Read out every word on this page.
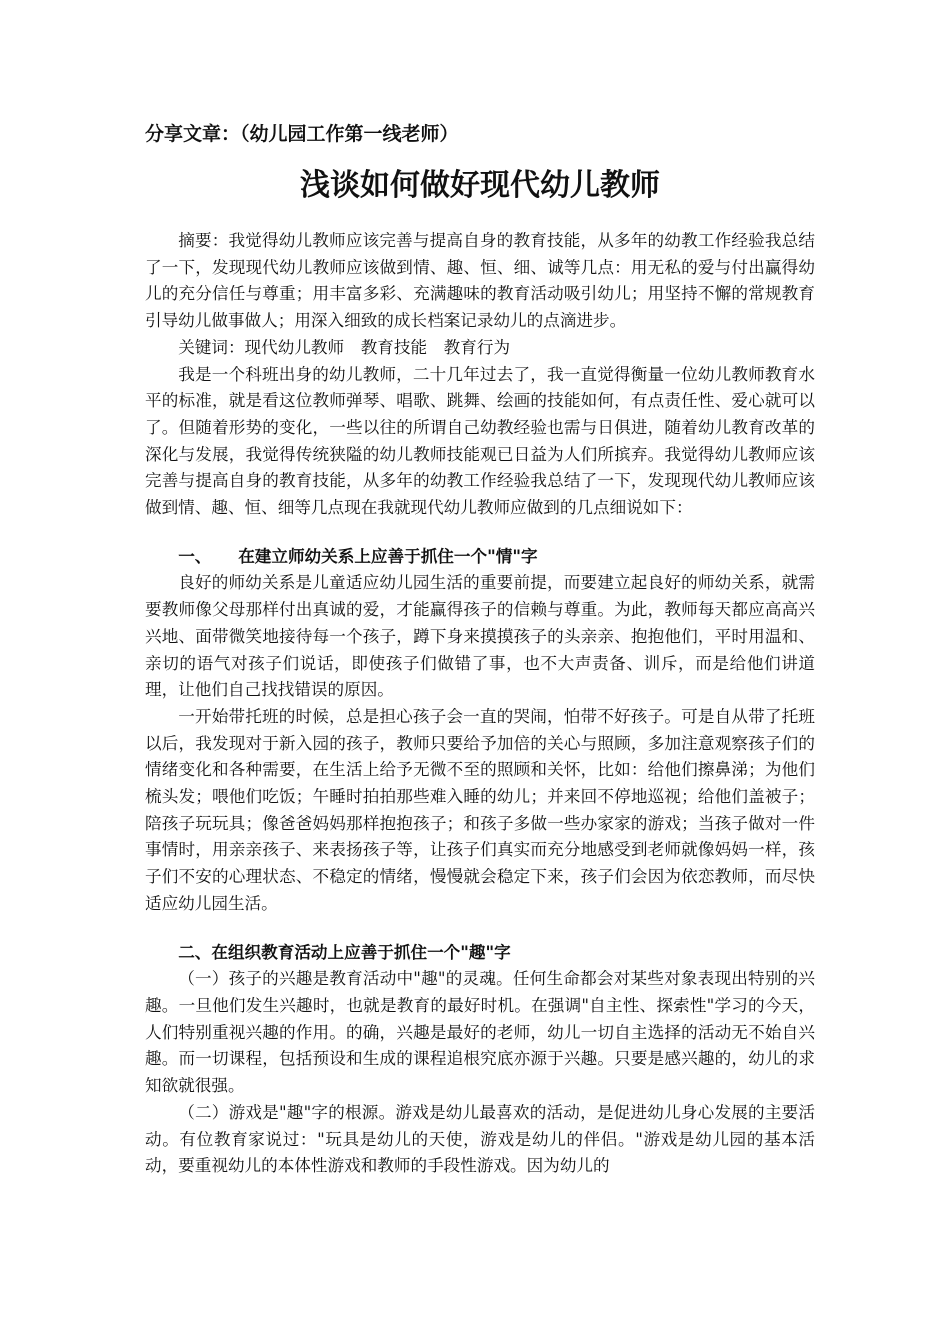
分享文章：（幼儿园工作第一线老师）
浅谈如何做好现代幼儿教师

摘要：我觉得幼儿教师应该完善与提高自身的教育技能，从多年的幼教工作经验我总结了一下，发现现代幼儿教师应该做到情、趣、恒、细、诚等几点：用无私的爱与付出赢得幼儿的充分信任与尊重；用丰富多彩、充满趣味的教育活动吸引幼儿；用坚持不懈的常规教育引导幼儿做事做人；用深入细致的成长档案记录幼儿的点滴进步。

关键词：现代幼儿教师　教育技能　教育行为

我是一个科班出身的幼儿教师，二十几年过去了，我一直觉得衡量一位幼儿教师教育水平的标准，就是看这位教师弹琴、唱歌、跳舞、绘画的技能如何，有点责任性、爱心就可以了。但随着形势的变化，一些以往的所谓自己幼教经验也需与日俱进，随着幼儿教育改革的深化与发展，我觉得传统狭隘的幼儿教师技能观已日益为人们所摈弃。我觉得幼儿教师应该完善与提高自身的教育技能，从多年的幼教工作经验我总结了一下，发现现代幼儿教师应该做到情、趣、恒、细等几点现在我就现代幼儿教师应做到的几点细说如下：

一、 在建立师幼关系上应善于抓住一个"情"字

良好的师幼关系是儿童适应幼儿园生活的重要前提，而要建立起良好的师幼关系，就需要教师像父母那样付出真诚的爱，才能赢得孩子的信赖与尊重。为此，教师每天都应高高兴兴地、面带微笑地接待每一个孩子，蹲下身来摸摸孩子的头亲亲、抱抱他们，平时用温和、亲切的语气对孩子们说话，即使孩子们做错了事，也不大声责备、训斥，而是给他们讲道理，让他们自己找找错误的原因。

一开始带托班的时候，总是担心孩子会一直的哭闹，怕带不好孩子。可是自从带了托班以后，我发现对于新入园的孩子，教师只要给予加倍的关心与照顾，多加注意观察孩子们的情绪变化和各种需要，在生活上给予无微不至的照顾和关怀，比如：给他们擦鼻涕；为他们梳头发；喂他们吃饭；午睡时拍拍那些难入睡的幼儿；并来回不停地巡视；给他们盖被子；陪孩子玩玩具；像爸爸妈妈那样抱抱孩子；和孩子多做一些办家家的游戏；当孩子做对一件事情时，用亲亲孩子、来表扬孩子等，让孩子们真实而充分地感受到老师就像妈妈一样，孩子们不安的心理状态、不稳定的情绪，慢慢就会稳定下来，孩子们会因为依恋教师，而尽快适应幼儿园生活。

二、在组织教育活动上应善于抓住一个"趣"字

（一）孩子的兴趣是教育活动中"趣"的灵魂。任何生命都会对某些对象表现出特别的兴趣。一旦他们发生兴趣时，也就是教育的最好时机。在强调"自主性、探索性"学习的今天，人们特别重视兴趣的作用。的确，兴趣是最好的老师，幼儿一切自主选择的活动无不始自兴趣。而一切课程，包括预设和生成的课程追根究底亦源于兴趣。只要是感兴趣的，幼儿的求知欲就很强。

（二）游戏是"趣"字的根源。游戏是幼儿最喜欢的活动，是促进幼儿身心发展的主要活动。有位教育家说过："玩具是幼儿的天使，游戏是幼儿的伴侣。"游戏是幼儿园的基本活动，要重视幼儿的本体性游戏和教师的手段性游戏。因为幼儿的
